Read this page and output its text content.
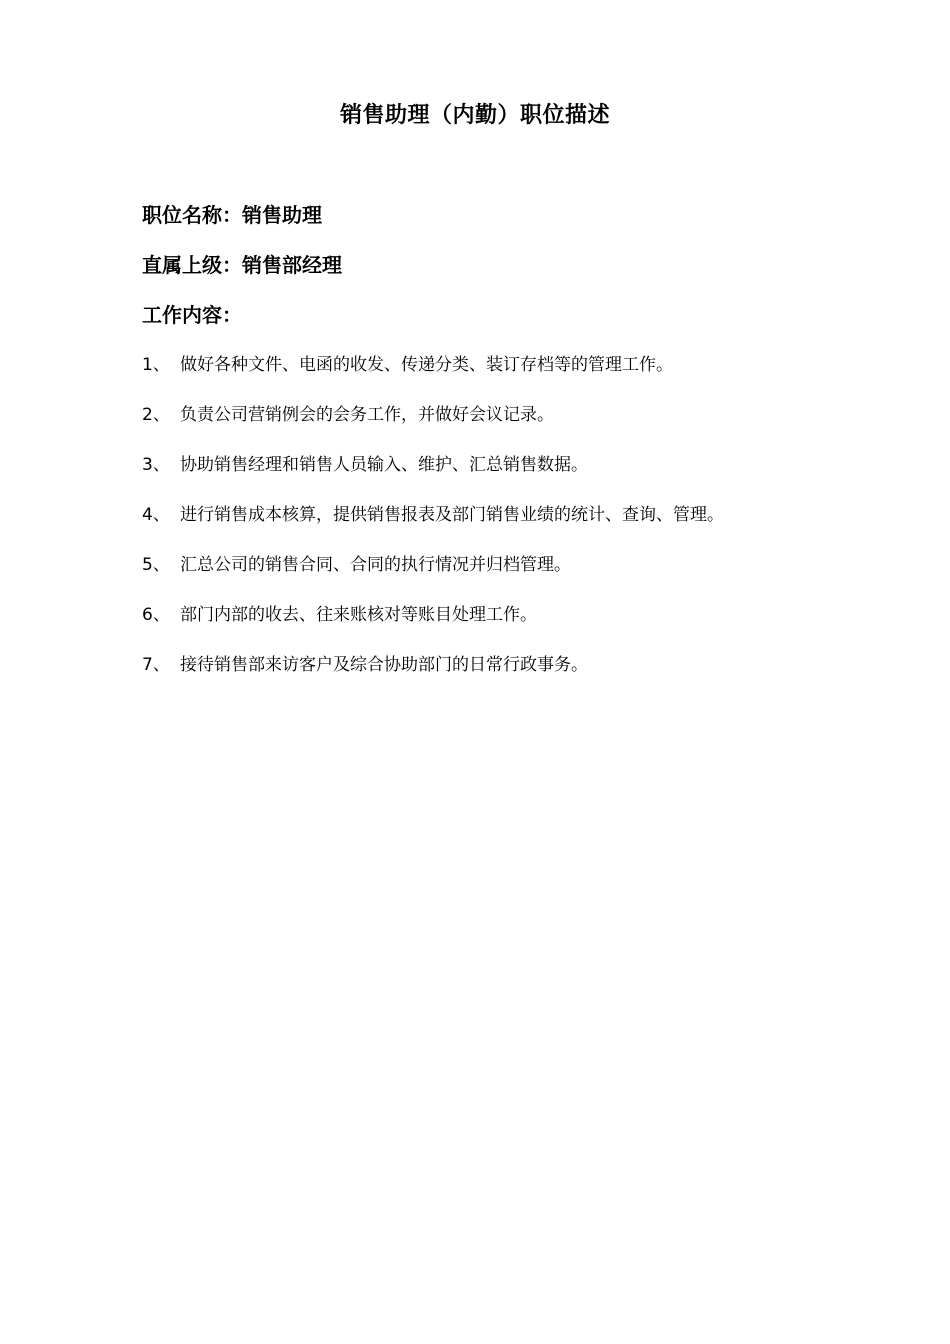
销售助理（内勤）职位描述
职位名称：销售助理
直属上级：销售部经理
工作内容：
1、 做好各种文件、电函的收发、传递分类、装订存档等的管理工作。
2、 负责公司营销例会的会务工作，并做好会议记录。
3、 协助销售经理和销售人员输入、维护、汇总销售数据。
4、 进行销售成本核算，提供销售报表及部门销售业绩的统计、查询、管理。
5、 汇总公司的销售合同、合同的执行情况并归档管理。
6、 部门内部的收去、往来账核对等账目处理工作。
7、 接待销售部来访客户及综合协助部门的日常行政事务。
